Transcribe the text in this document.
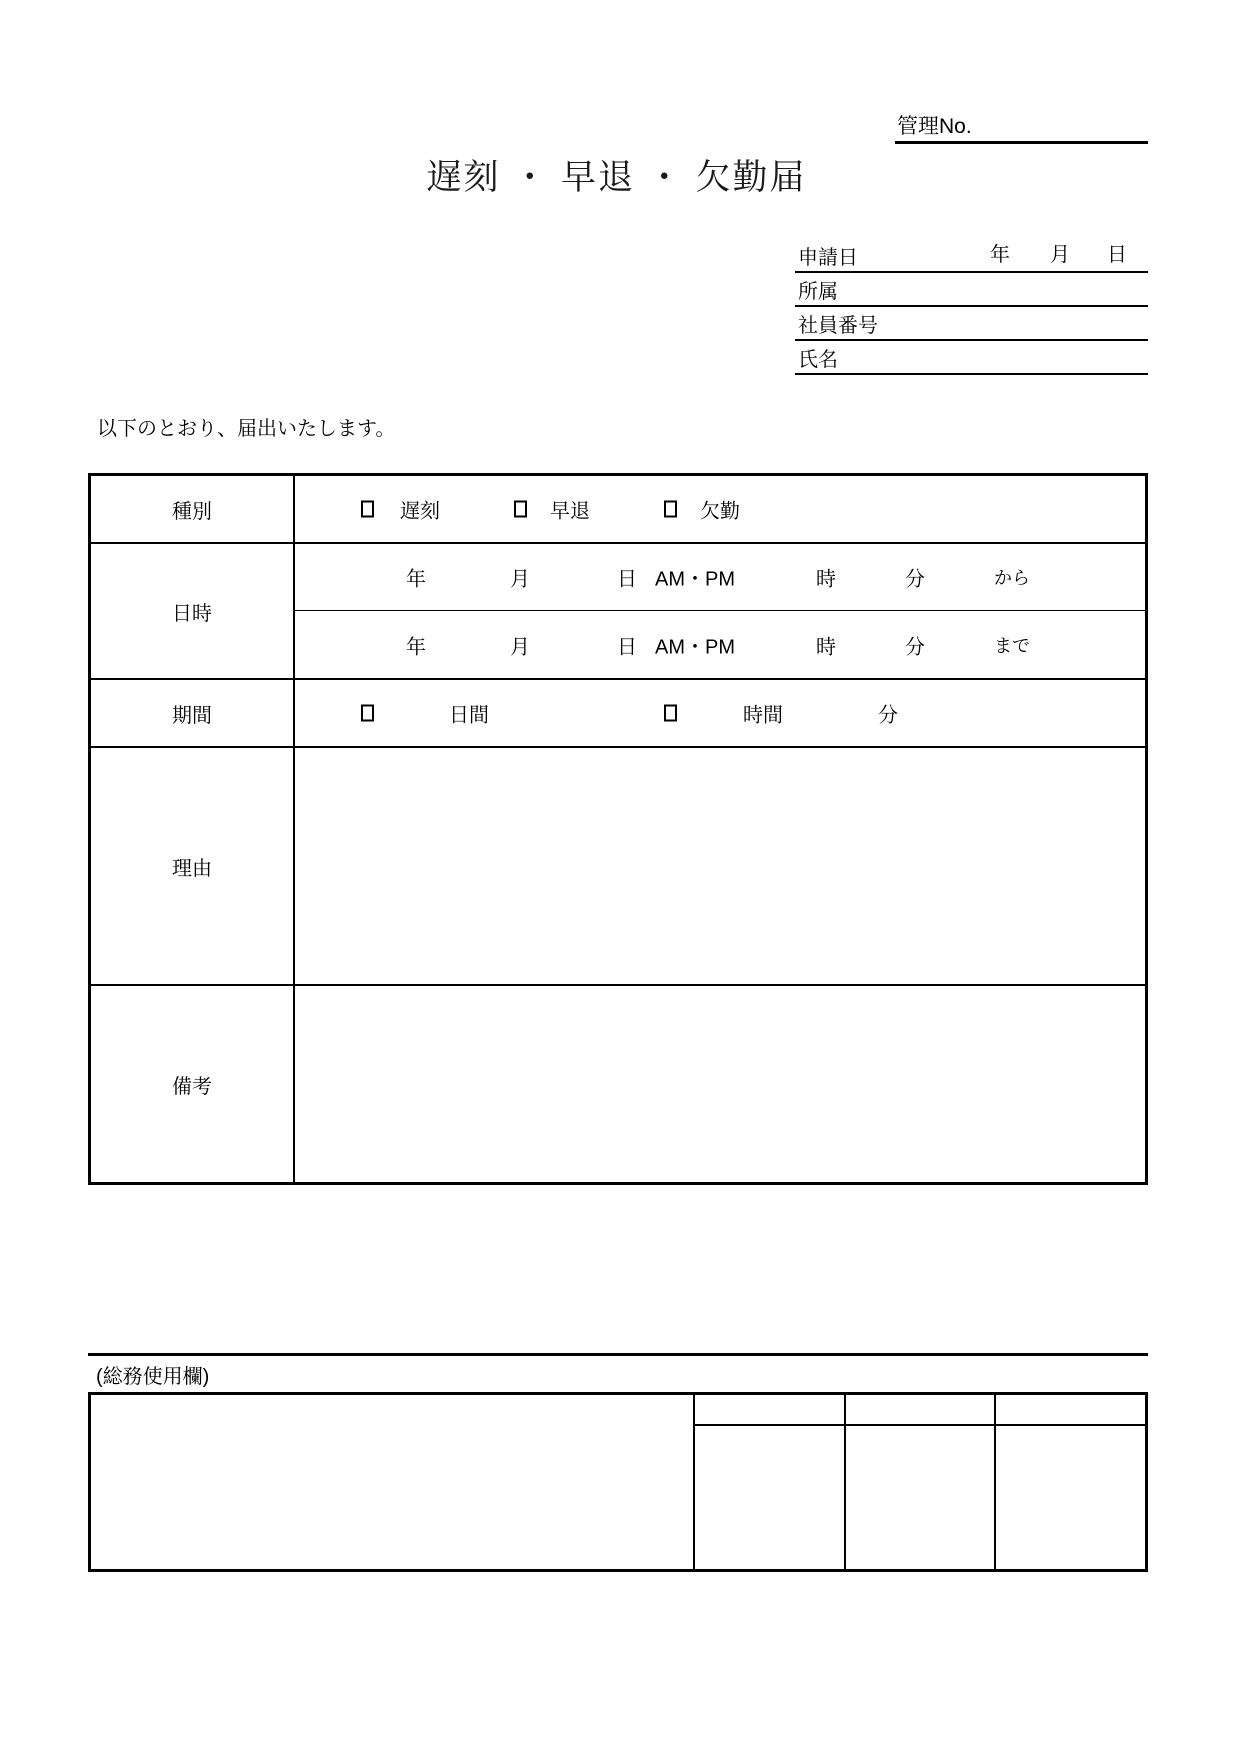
管理No.
遅刻 ・ 早退 ・ 欠勤届
申請日	年 月 日
所属
社員番号
氏名
以下のとおり、届出いたします。
種別	遅刻	早退	欠勤
日時
年	月	日 AM・PM	時	分	から
年	月	日 AM・PM	時	分	まで
期間	日間	時間	分
理由
備考
(総務使用欄)
